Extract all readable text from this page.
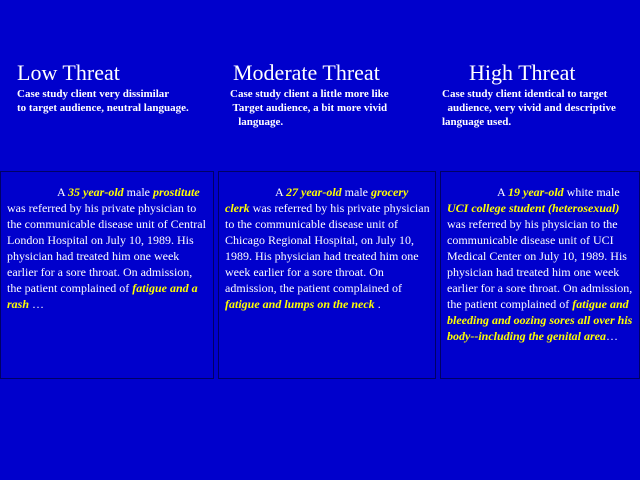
Low Threat
Case study client very dissimilar
to target audience, neutral language.
Moderate Threat
Case study client a little more like
Target audience, a bit more vivid
language.
High Threat
Case study client identical to target
audience, very vivid and descriptive
language used.

A 35 year-old male prostitute was referred by his private physician to the communicable disease unit of Central London Hospital on July 10, 1989. His physician had treated him one week earlier for a sore throat. On admission, the patient complained of fatigue and a rash …

A 27 year-old male grocery clerk was referred by his private physician to the communicable disease unit of Chicago Regional Hospital, on July 10, 1989. His physician had treated him one week earlier for a sore throat. On admission, the patient complained of fatigue and lumps on the neck .

A 19 year-old white male UCI college student (heterosexual) was referred by his physician to the communicable disease unit of UCI Medical Center on July 10, 1989. His physician had treated him one week earlier for a sore throat. On admission, the patient complained of fatigue and bleeding and oozing sores all over his body--including the genital area…
